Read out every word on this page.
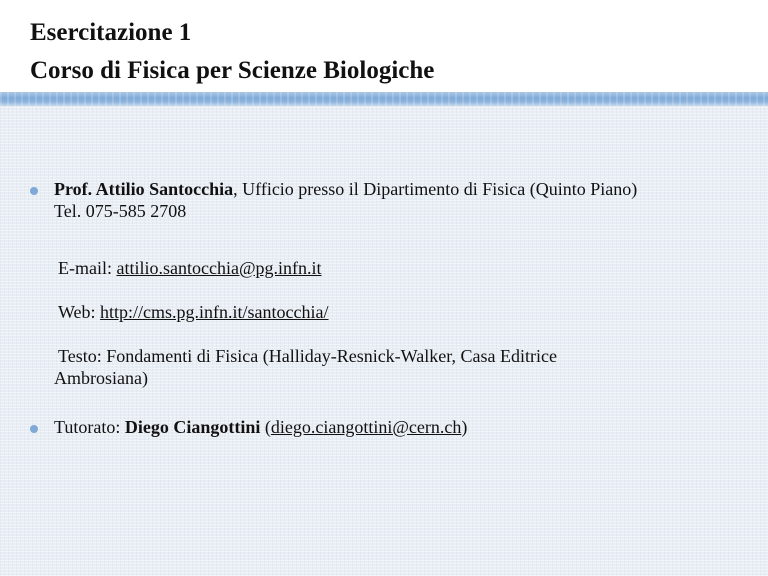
Esercitazione 1
Corso di Fisica per Scienze Biologiche
Prof. Attilio Santocchia, Ufficio presso il Dipartimento di Fisica (Quinto Piano)
Tel. 075-585 2708
E-mail: attilio.santocchia@pg.infn.it
Web: http://cms.pg.infn.it/santocchia/
Testo: Fondamenti di Fisica (Halliday-Resnick-Walker, Casa Editrice
Ambrosiana)
Tutorato: Diego Ciangottini (diego.ciangottini@cern.ch)
